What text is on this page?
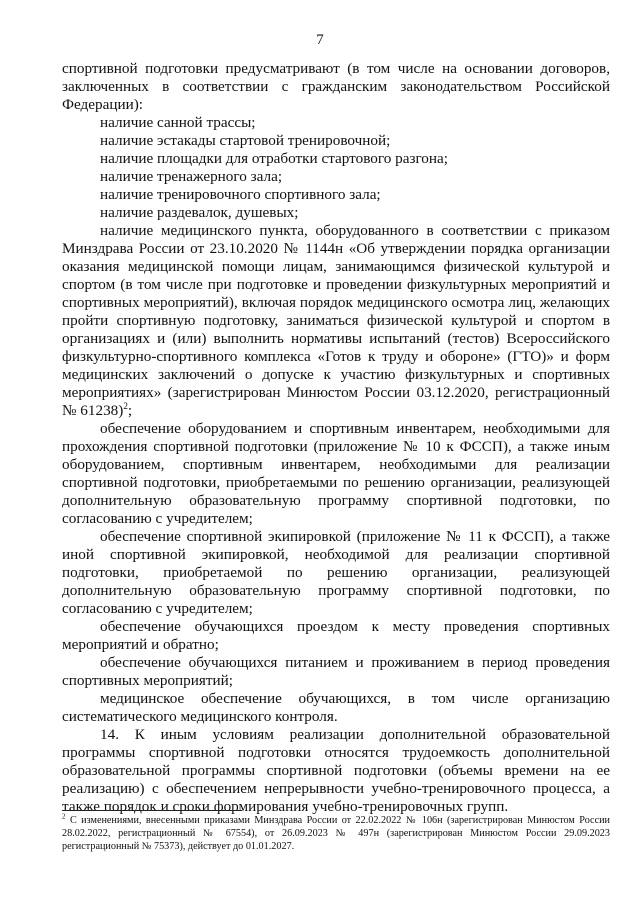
7

спортивной подготовки предусматривают (в том числе на основании договоров, заключенных в соответствии с гражданским законодательством Российской Федерации):

наличие санной трассы;

наличие эстакады стартовой тренировочной;

наличие площадки для отработки стартового разгона;

наличие тренажерного зала;

наличие тренировочного спортивного зала;

наличие раздевалок, душевых;

наличие медицинского пункта, оборудованного в соответствии с приказом Минздрава России от 23.10.2020 № 1144н «Об утверждении порядка организации оказания медицинской помощи лицам, занимающимся физической культурой и спортом (в том числе при подготовке и проведении физкультурных мероприятий и спортивных мероприятий), включая порядок медицинского осмотра лиц, желающих пройти спортивную подготовку, заниматься физической культурой и спортом в организациях и (или) выполнить нормативы испытаний (тестов) Всероссийского физкультурно-спортивного комплекса «Готов к труду и обороне» (ГТО)» и форм медицинских заключений о допуске к участию физкультурных и спортивных мероприятиях» (зарегистрирован Минюстом России 03.12.2020, регистрационный № 61238)$^2$;

обеспечение оборудованием и спортивным инвентарем, необходимыми для прохождения спортивной подготовки (приложение № 10 к ФССП), а также иным оборудованием, спортивным инвентарем, необходимыми для реализации спортивной подготовки, приобретаемыми по решению организации, реализующей дополнительную образовательную программу спортивной подготовки, по согласованию с учредителем;

обеспечение спортивной экипировкой (приложение № 11 к ФССП), а также иной спортивной экипировкой, необходимой для реализации спортивной подготовки, приобретаемой по решению организации, реализующей дополнительную образовательную программу спортивной подготовки, по согласованию с учредителем;

обеспечение обучающихся проездом к месту проведения спортивных мероприятий и обратно;

обеспечение обучающихся питанием и проживанием в период проведения спортивных мероприятий;

медицинское обеспечение обучающихся, в том числе организацию систематического медицинского контроля.

14. К иным условиям реализации дополнительной образовательной программы спортивной подготовки относятся трудоемкость дополнительной образовательной программы спортивной подготовки (объемы времени на ее реализацию) с обеспечением непрерывности учебно-тренировочного процесса, а также порядок и сроки формирования учебно-тренировочных групп.

$^2$ С изменениями, внесенными приказами Минздрава России от 22.02.2022 № 106н (зарегистрирован Минюстом России 28.02.2022, регистрационный № 67554), от 26.09.2023 № 497н (зарегистрирован Минюстом России 29.09.2023 регистрационный № 75373), действует до 01.01.2027.
